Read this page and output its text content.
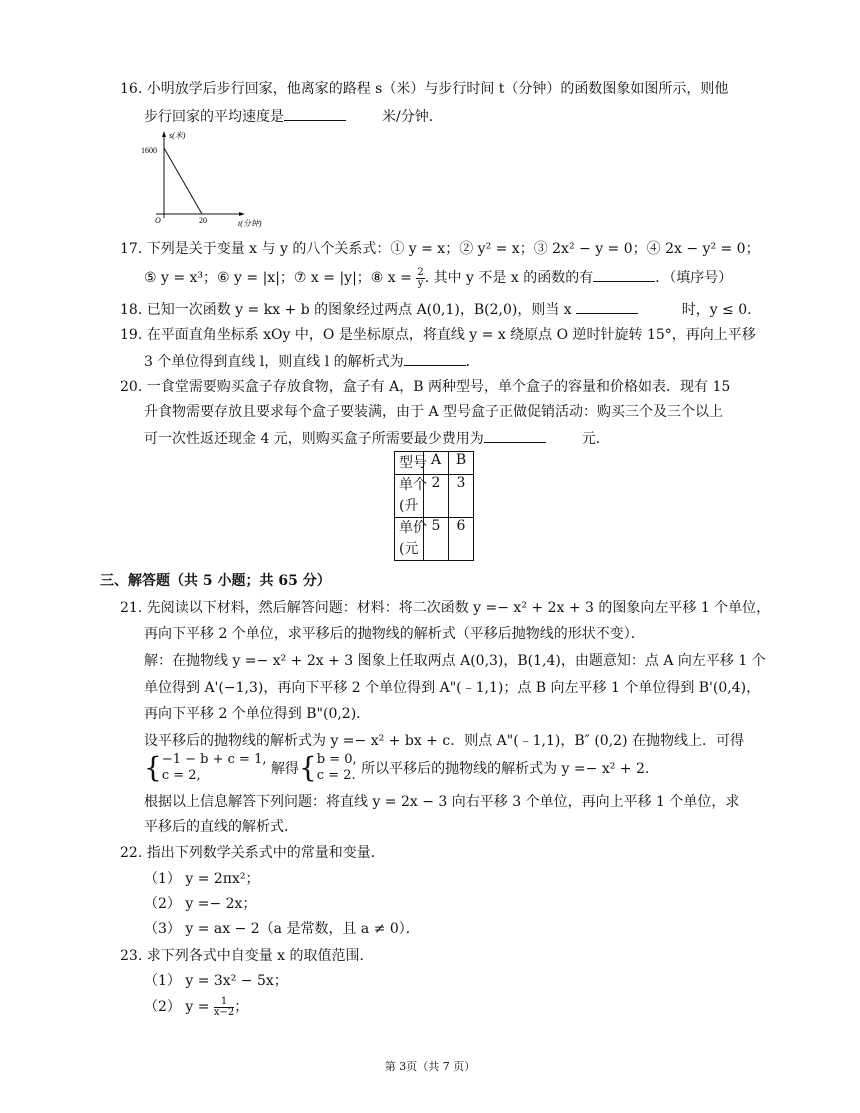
16. 小明放学后步行回家，他离家的路程 s（米）与步行时间 t（分钟）的函数图象如图所示，则他
步行回家的平均速度是	米/分钟．
s(米)
t(分钟)
1600
20
O
17. 下列是关于变量 x 与 y 的八个关系式：① y = x；② y² = x；③ 2x² − y = 0；④ 2x − y² = 0；
⑤ y = x³；⑥ y = |x|；⑦ x = |y|；⑧ $x = \frac{2}{y}$ . 其中 y 不是 x 的函数的有	．（填序号）
18. 已知一次函数 y = kx + b 的图象经过两点 A(0,1)，B(2,0)，则当 x	时，y ≤ 0.
19. 在平面直角坐标系 xOy 中，O 是坐标原点，将直线 y = x 绕原点 O 逆时针旋转 15°，再向上平移
3 个单位得到直线 l，则直线 l 的解析式为	．
20. 一食堂需要购买盒子存放食物，盒子有 A，B 两种型号，单个盒子的容量和价格如表．现有 15
升食物需要存放且要求每个盒子要装满，由于 A 型号盒子正做促销活动：购买三个及三个以上
可一次性返还现金 4 元，则购买盒子所需要最少费用为	元．
型号	A	B

单个
(升	2	3

单价
(元	5	6
三、解答题（共 5 小题；共 65 分）
21. 先阅读以下材料，然后解答问题：材料：将二次函数 y =− x² + 2x + 3 的图象向左平移 1 个单位，
再向下平移 2 个单位，求平移后的抛物线的解析式（平移后抛物线的形状不变）．
解：在抛物线 y =− x² + 2x + 3 图象上任取两点 A(0,3)，B(1,4)，由题意知：点 A 向左平移 1 个
单位得到 A'(−1,3)，再向下平移 2 个单位得到 A"(﹣1,1)；点 B 向左平移 1 个单位得到 B'(0,4)，
再向下平移 2 个单位得到 B"(0,2)．
设平移后的抛物线的解析式为 y =− x² + bx + c．则点 A"(﹣1,1)，B″ (0,2) 在抛物线上．可得
{ −1 − b + c = 1,
c = 2,	解得{ b = 0,
c = 2. 所以平移后的抛物线的解析式为 y =− x² + 2.
根据以上信息解答下列问题：将直线 y = 2x − 3 向右平移 3 个单位，再向上平移 1 个单位，求
平移后的直线的解析式．
22. 指出下列数学关系式中的常量和变量．
（1） y = 2πx²；
（2） y =− 2x；
（3） y = ax − 2（a 是常数，且 a ≠ 0）．
23. 求下列各式中自变量 x 的取值范围．
（1） y = 3x² − 5x；
（2） $y = \frac{1}{x-2}$ ；
第 3页（共 7 页）
